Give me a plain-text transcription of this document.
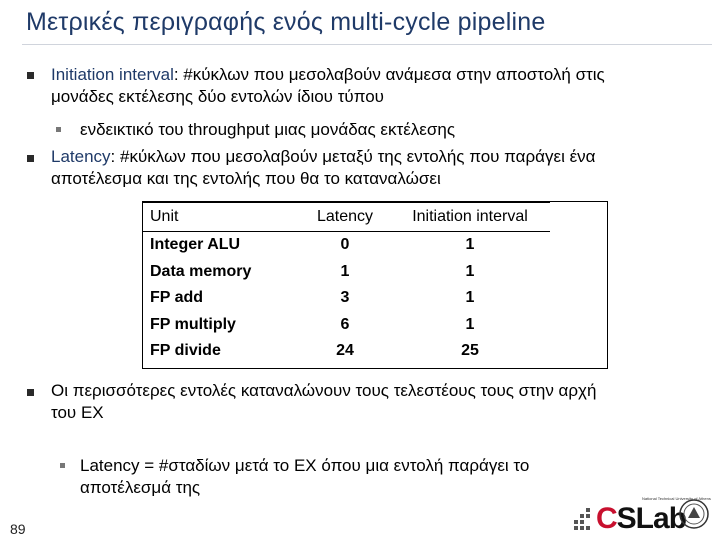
Μετρικές περιγραφής ενός multi-cycle pipeline
Initiation interval: #κύκλων που μεσολαβούν ανάμεσα στην αποστολή στις
μονάδες εκτέλεσης δύο εντολών ίδιου τύπου
ενδεικτικό του throughput μιας μονάδας εκτέλεσης
Latency: #κύκλων που μεσολαβούν μεταξύ της εντολής που παράγει ένα
αποτέλεσμα και της εντολής που θα το καταναλώσει
Unit	Latency	Initiation interval
Integer ALU	0	1
Data memory	1	1
FP add	3	1
FP multiply	6	1
FP divide	24	25
Οι περισσότερες εντολές καταναλώνουν τους τελεστέους τους στην αρχή
του EX
Latency = #σταδίων μετά το EX όπου μια εντολή παράγει το
αποτέλεσμά της
89	CSLab
National Technical University of Athens
